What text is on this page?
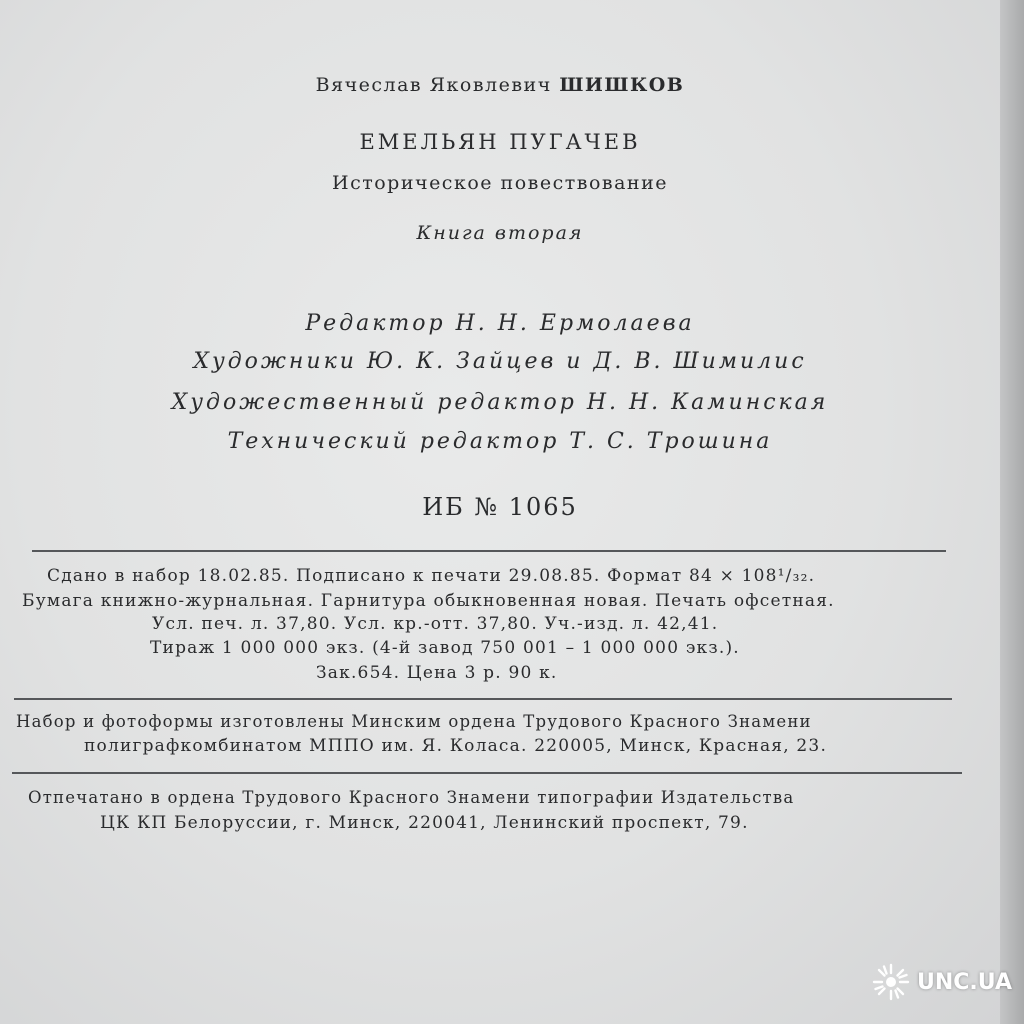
Вячеслав Яковлевич ШИШКОВ
ЕМЕЛЬЯН ПУГАЧЕВ
Историческое повествование
Книга вторая
Редактор Н. Н. Ермолаева
Художники Ю. К. Зайцев и Д. В. Шимилис
Художественный редактор Н. Н. Каминская
Технический редактор Т. С. Трошина
ИБ № 1065
Сдано в набор 18.02.85. Подписано к печати 29.08.85. Формат 84 × 108¹/₃₂.
Бумага книжно-журнальная. Гарнитура обыкновенная новая. Печать офсетная.
Усл. печ. л. 37,80. Усл. кр.-отт. 37,80. Уч.-изд. л. 42,41.
Тираж 1 000 000 экз. (4-й завод 750 001 – 1 000 000 экз.).
Зак.654. Цена 3 р. 90 к.
Набор и фотоформы изготовлены Минским ордена Трудового Красного Знамени
полиграфкомбинатом МППО им. Я. Коласа. 220005, Минск, Красная, 23.
Отпечатано в ордена Трудового Красного Знамени типографии Издательства
ЦК КП Белоруссии, г. Минск, 220041, Ленинский проспект, 79.
UNC.UA
